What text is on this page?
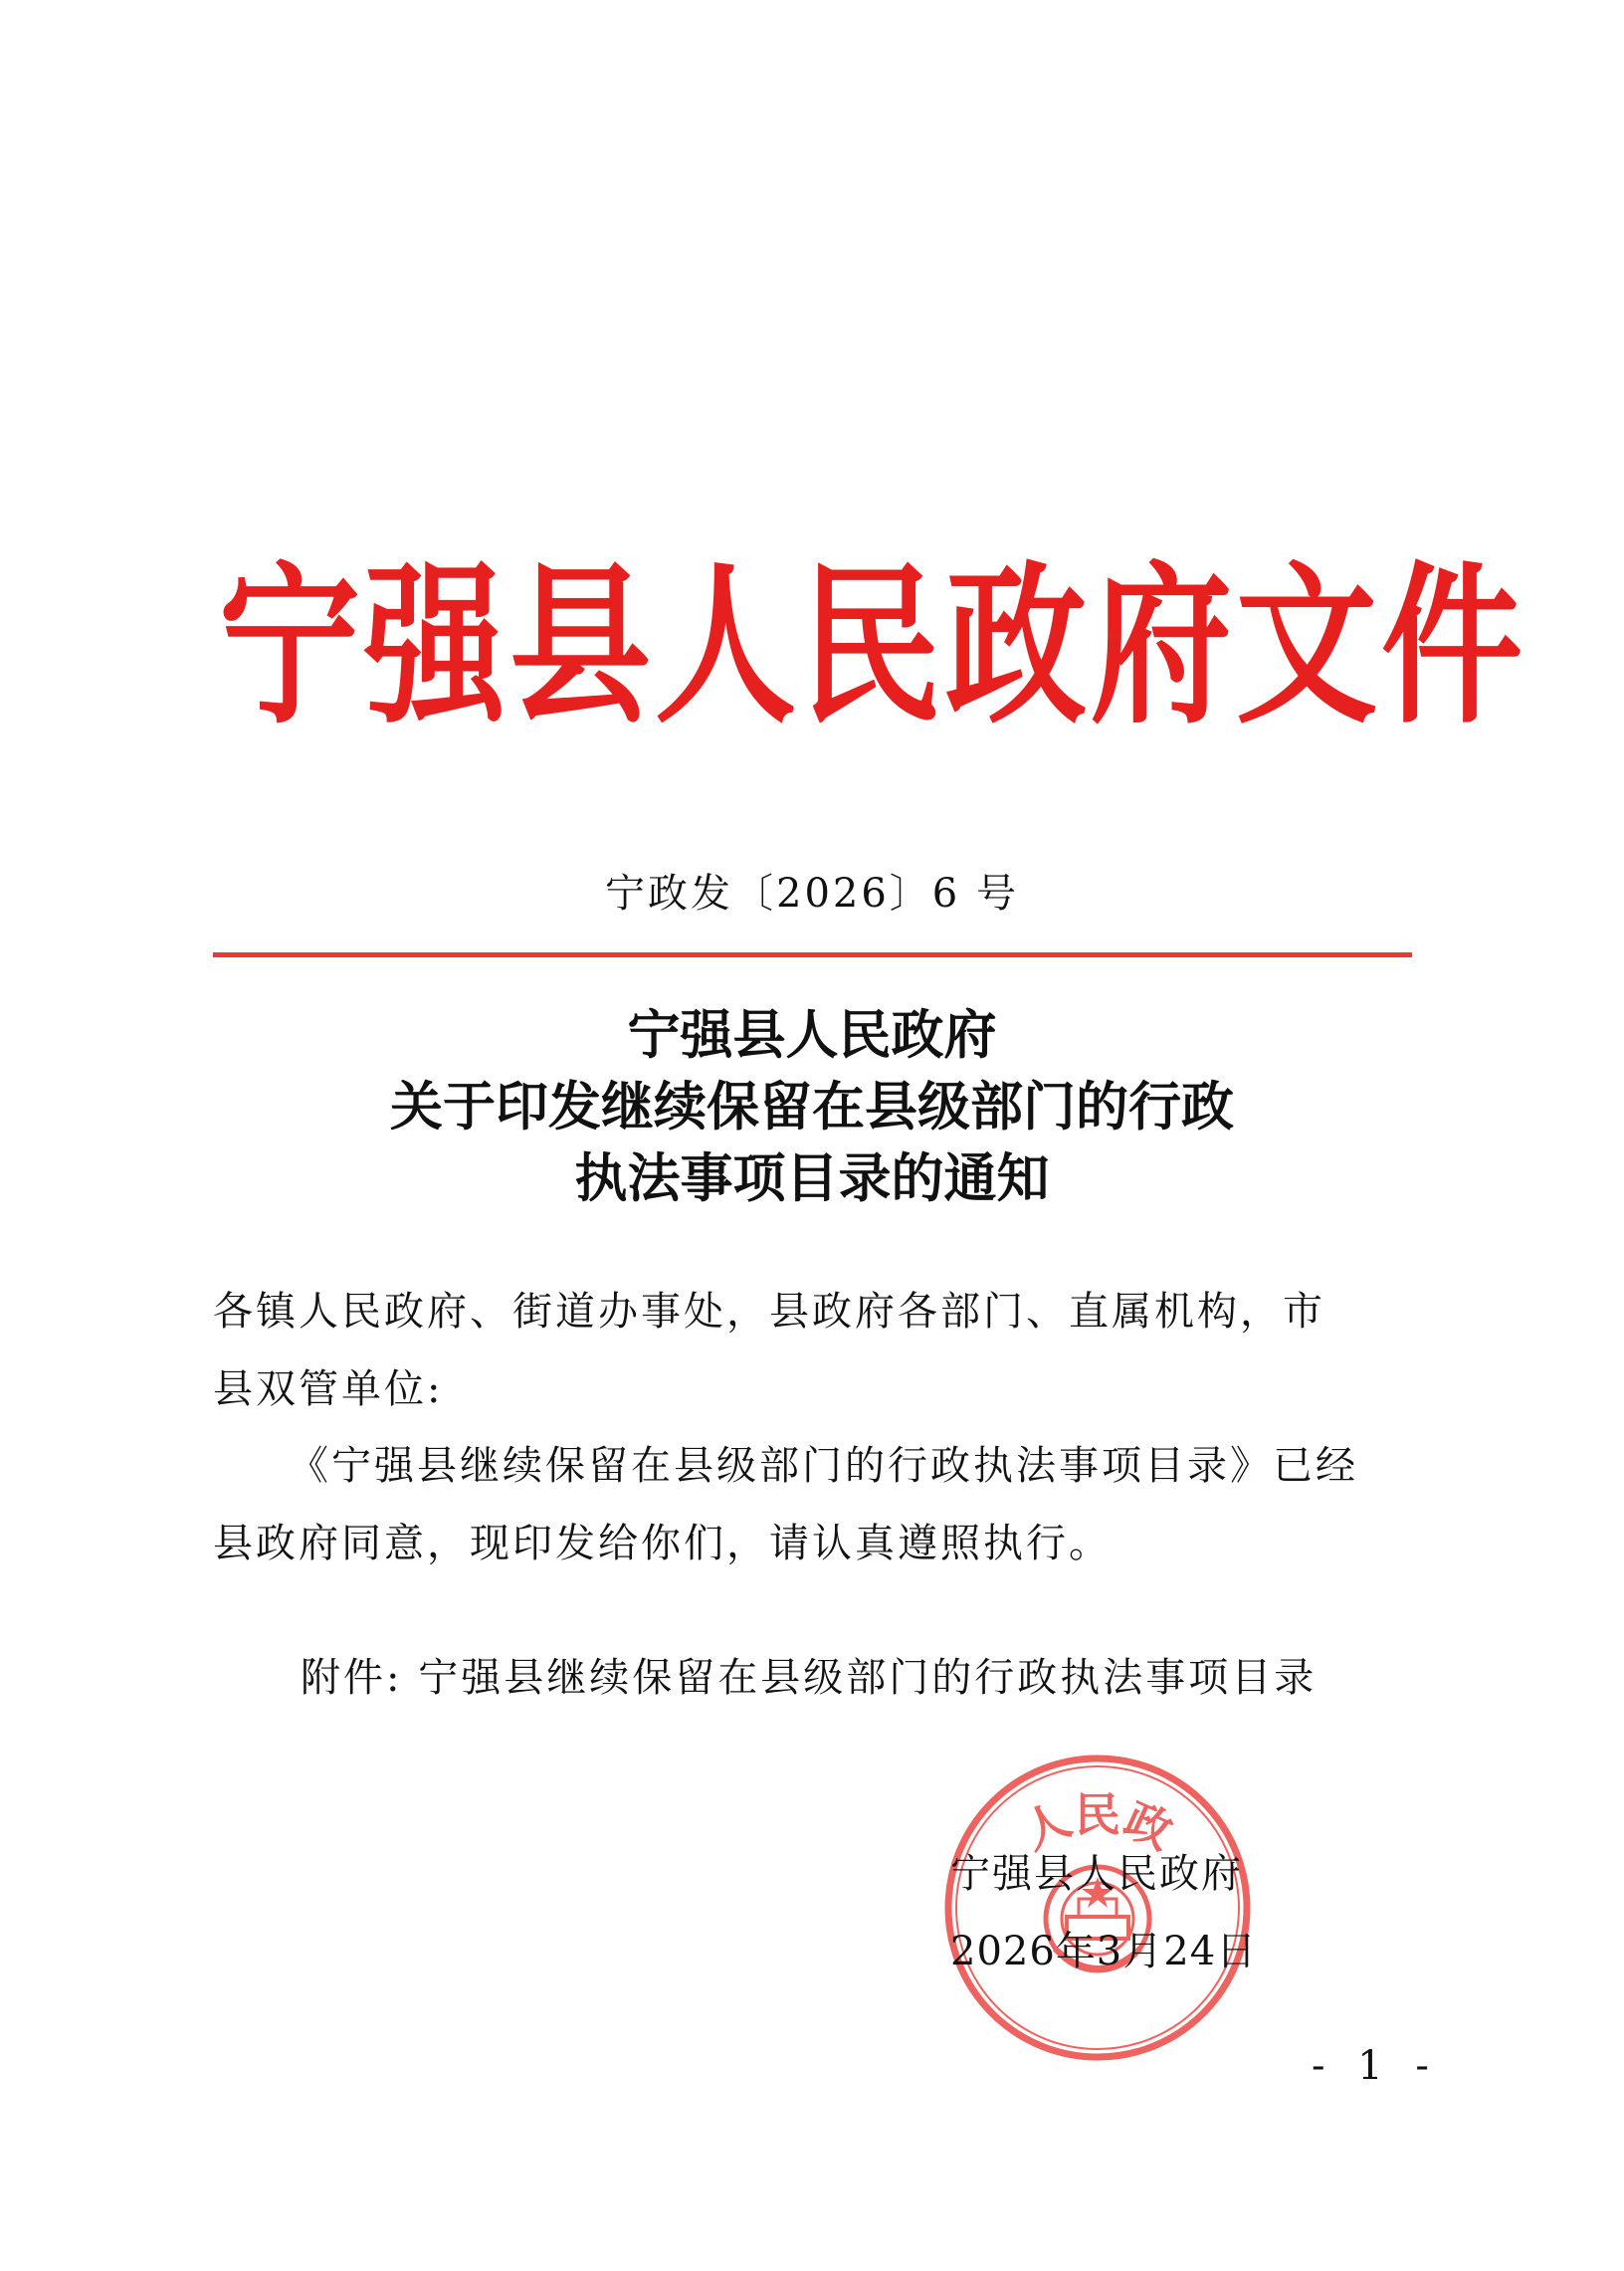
宁强县人民政府文件
宁政发〔2026〕6 号
宁强县人民政府
关于印发继续保留在县级部门的行政
执法事项目录的通知
各镇人民政府、街道办事处，县政府各部门、直属机构，市
县双管单位:
《宁强县继续保留在县级部门的行政执法事项目录》已经
县政府同意，现印发给你们，请认真遵照执行。
附件: 宁强县继续保留在县级部门的行政执法事项目录
人民政
宁强县人民政府
2026年3月24日
- 1 -
